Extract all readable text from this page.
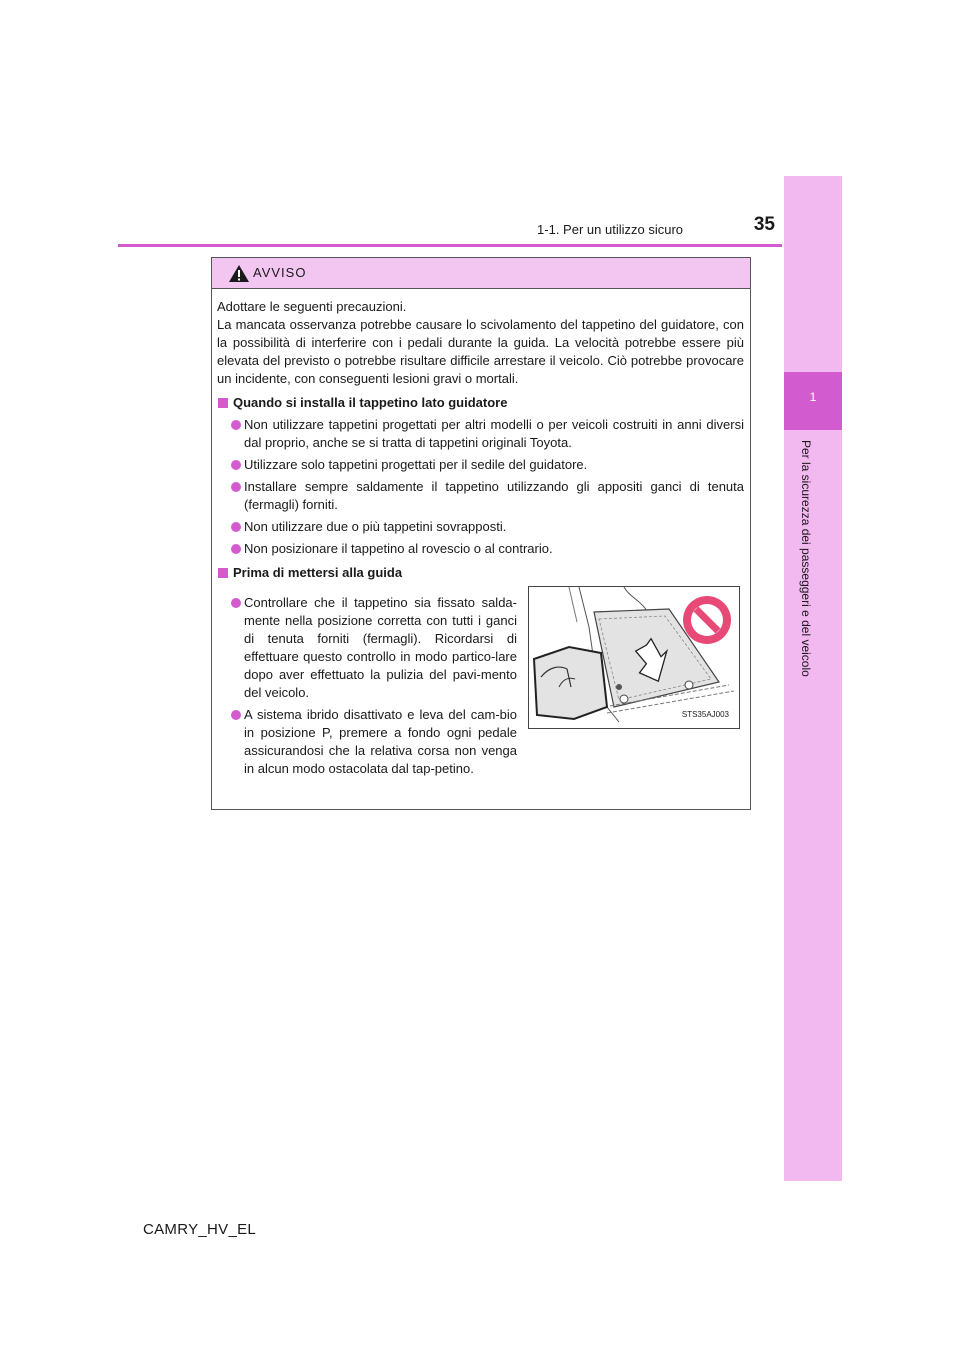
1
Per la sicurezza dei passeggeri e del veicolo
1-1. Per un utilizzo sicuro	35
AVVISO

Adottare le seguenti precauzioni.

La mancata osservanza potrebbe causare lo scivolamento del tappetino del guidatore, con la possibilità di interferire con i pedali durante la guida. La velocità potrebbe essere più elevata del previsto o potrebbe risultare difficile arrestare il veicolo. Ciò potrebbe provocare un incidente, con conseguenti lesioni gravi o mortali.

Quando si installa il tappetino lato guidatore

Non utilizzare tappetini progettati per altri modelli o per veicoli costruiti in anni diversi dal proprio, anche se si tratta di tappetini originali Toyota.

Utilizzare solo tappetini progettati per il sedile del guidatore.

Installare sempre saldamente il tappetino utilizzando gli appositi ganci di tenuta (fermagli) forniti.

Non utilizzare due o più tappetini sovrapposti.

Non posizionare il tappetino al rovescio o al contrario.

Prima di mettersi alla guida

Controllare che il tappetino sia fissato salda-mente nella posizione corretta con tutti i ganci di tenuta forniti (fermagli). Ricordarsi di effettuare questo controllo in modo partico-lare dopo aver effettuato la pulizia del pavi-mento del veicolo.

A sistema ibrido disattivato e leva del cam-bio in posizione P, premere a fondo ogni pedale assicurandosi che la relativa corsa non venga in alcun modo ostacolata dal tap-petino.

STS35AJ003
CAMRY_HV_EL
